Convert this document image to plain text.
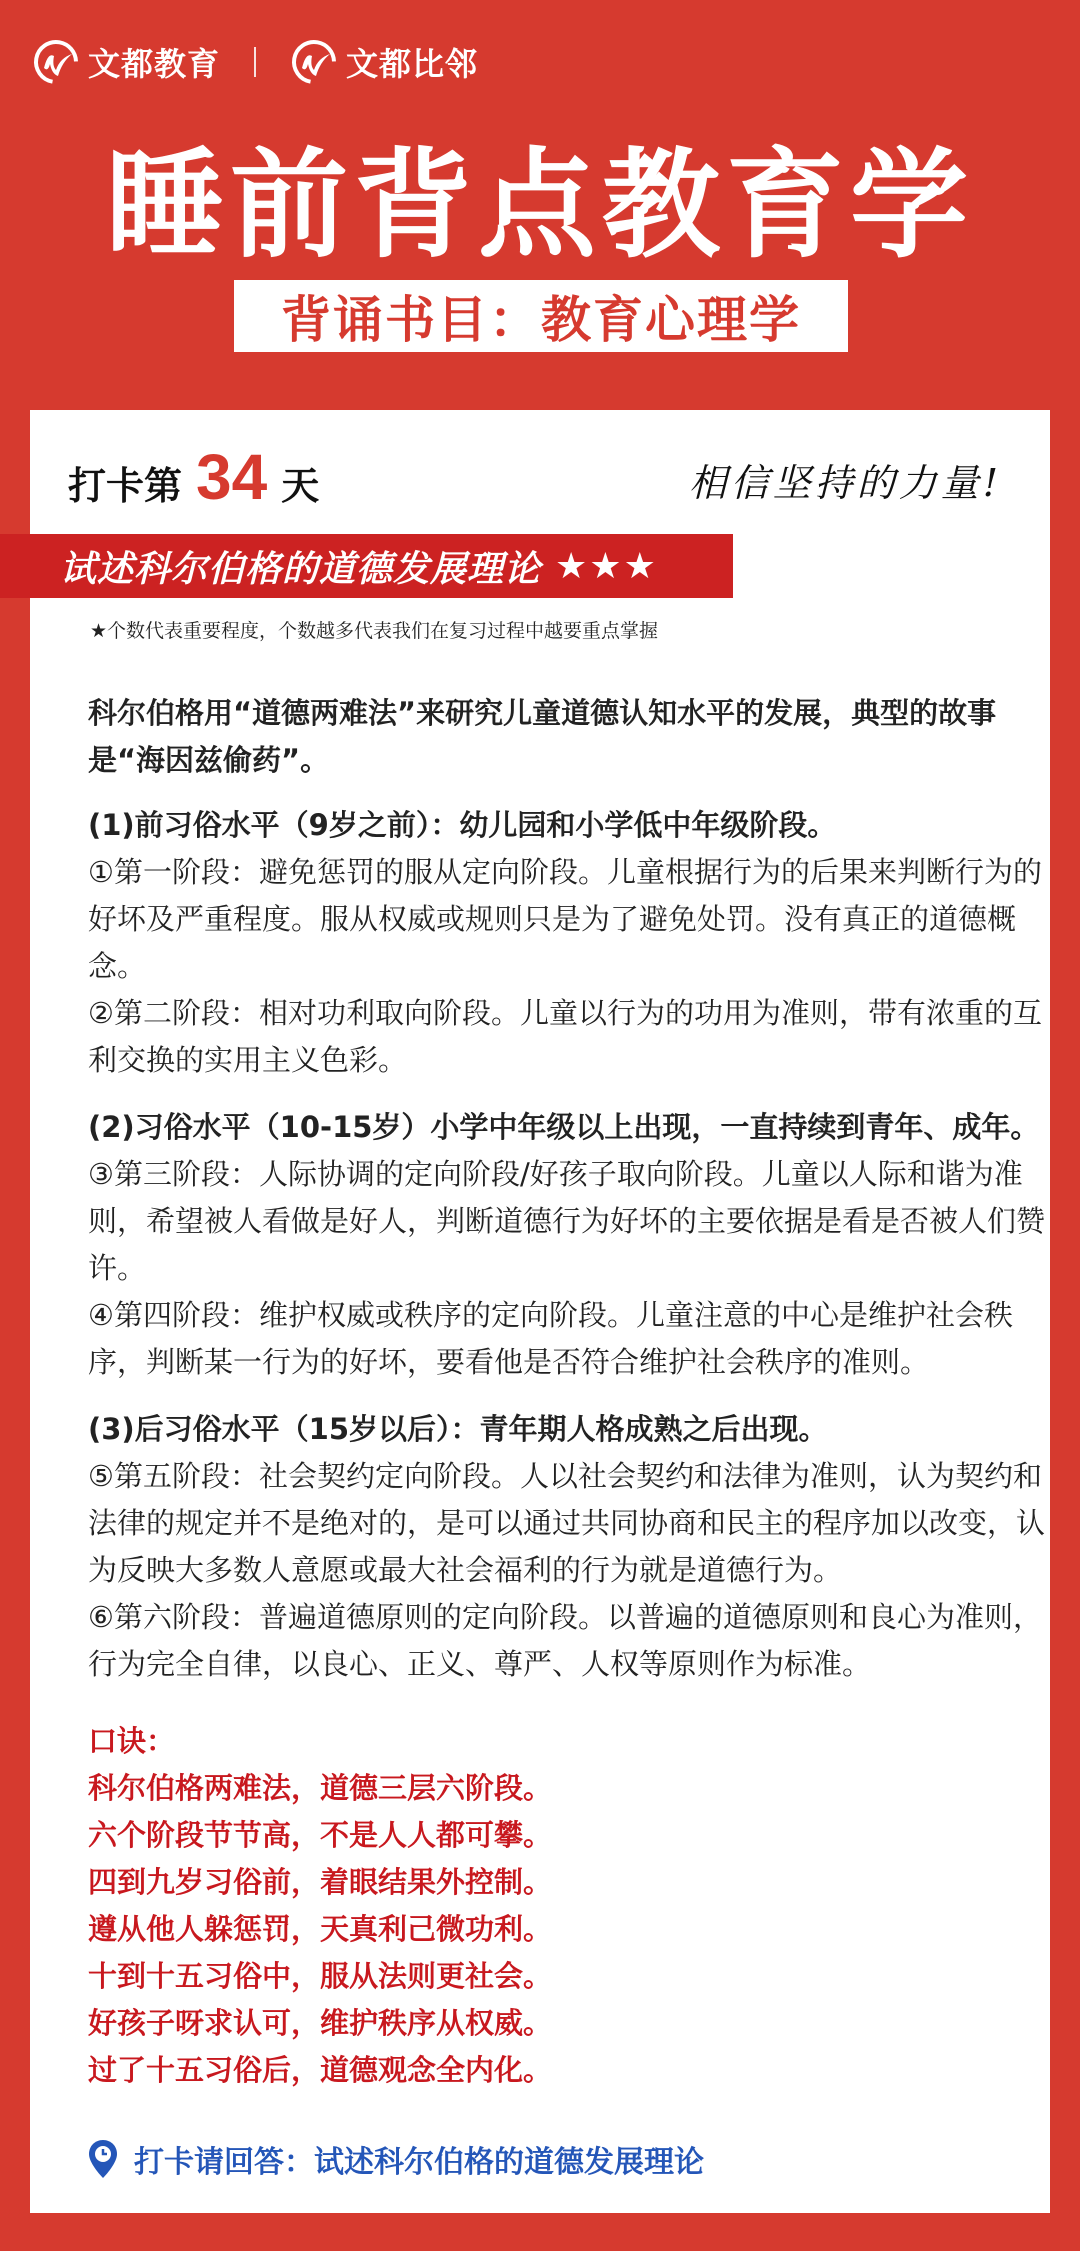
文都教育	文都比邻
睡前背点教育学
背诵书目：教育心理学
打卡第 34 天	相信坚持的力量!
★个数代表重要程度，个数越多代表我们在复习过程中越要重点掌握

科尔伯格用“道德两难法”来研究儿童道德认知水平的发展，典型的故事是“海因兹偷药”。

(1)前习俗水平（9岁之前）：幼儿园和小学低中年级阶段。

①第一阶段：避免惩罚的服从定向阶段。儿童根据行为的后果来判断行为的好坏及严重程度。服从权威或规则只是为了避免处罚。没有真正的道德概念。

②第二阶段：相对功利取向阶段。儿童以行为的功用为准则，带有浓重的互利交换的实用主义色彩。

(2)习俗水平（10-15岁）小学中年级以上出现，一直持续到青年、成年。

③第三阶段：人际协调的定向阶段/好孩子取向阶段。儿童以人际和谐为准则，希望被人看做是好人，判断道德行为好坏的主要依据是看是否被人们赞许。

④第四阶段：维护权威或秩序的定向阶段。儿童注意的中心是维护社会秩序，判断某一行为的好坏，要看他是否符合维护社会秩序的准则。

(3)后习俗水平（15岁以后）：青年期人格成熟之后出现。

⑤第五阶段：社会契约定向阶段。人以社会契约和法律为准则，认为契约和法律的规定并不是绝对的，是可以通过共同协商和民主的程序加以改变，认为反映大多数人意愿或最大社会福利的行为就是道德行为。

⑥第六阶段：普遍道德原则的定向阶段。以普遍的道德原则和良心为准则，行为完全自律，以良心、正义、尊严、人权等原则作为标准。

口诀：
科尔伯格两难法，道德三层六阶段。
六个阶段节节高，不是人人都可攀。
四到九岁习俗前，着眼结果外控制。
遵从他人躲惩罚，天真利己微功利。
十到十五习俗中，服从法则更社会。
好孩子呀求认可，维护秩序从权威。
过了十五习俗后，道德观念全内化。
打卡请回答：试述科尔伯格的道德发展理论
试述科尔伯格的道德发展理论 ★★★
